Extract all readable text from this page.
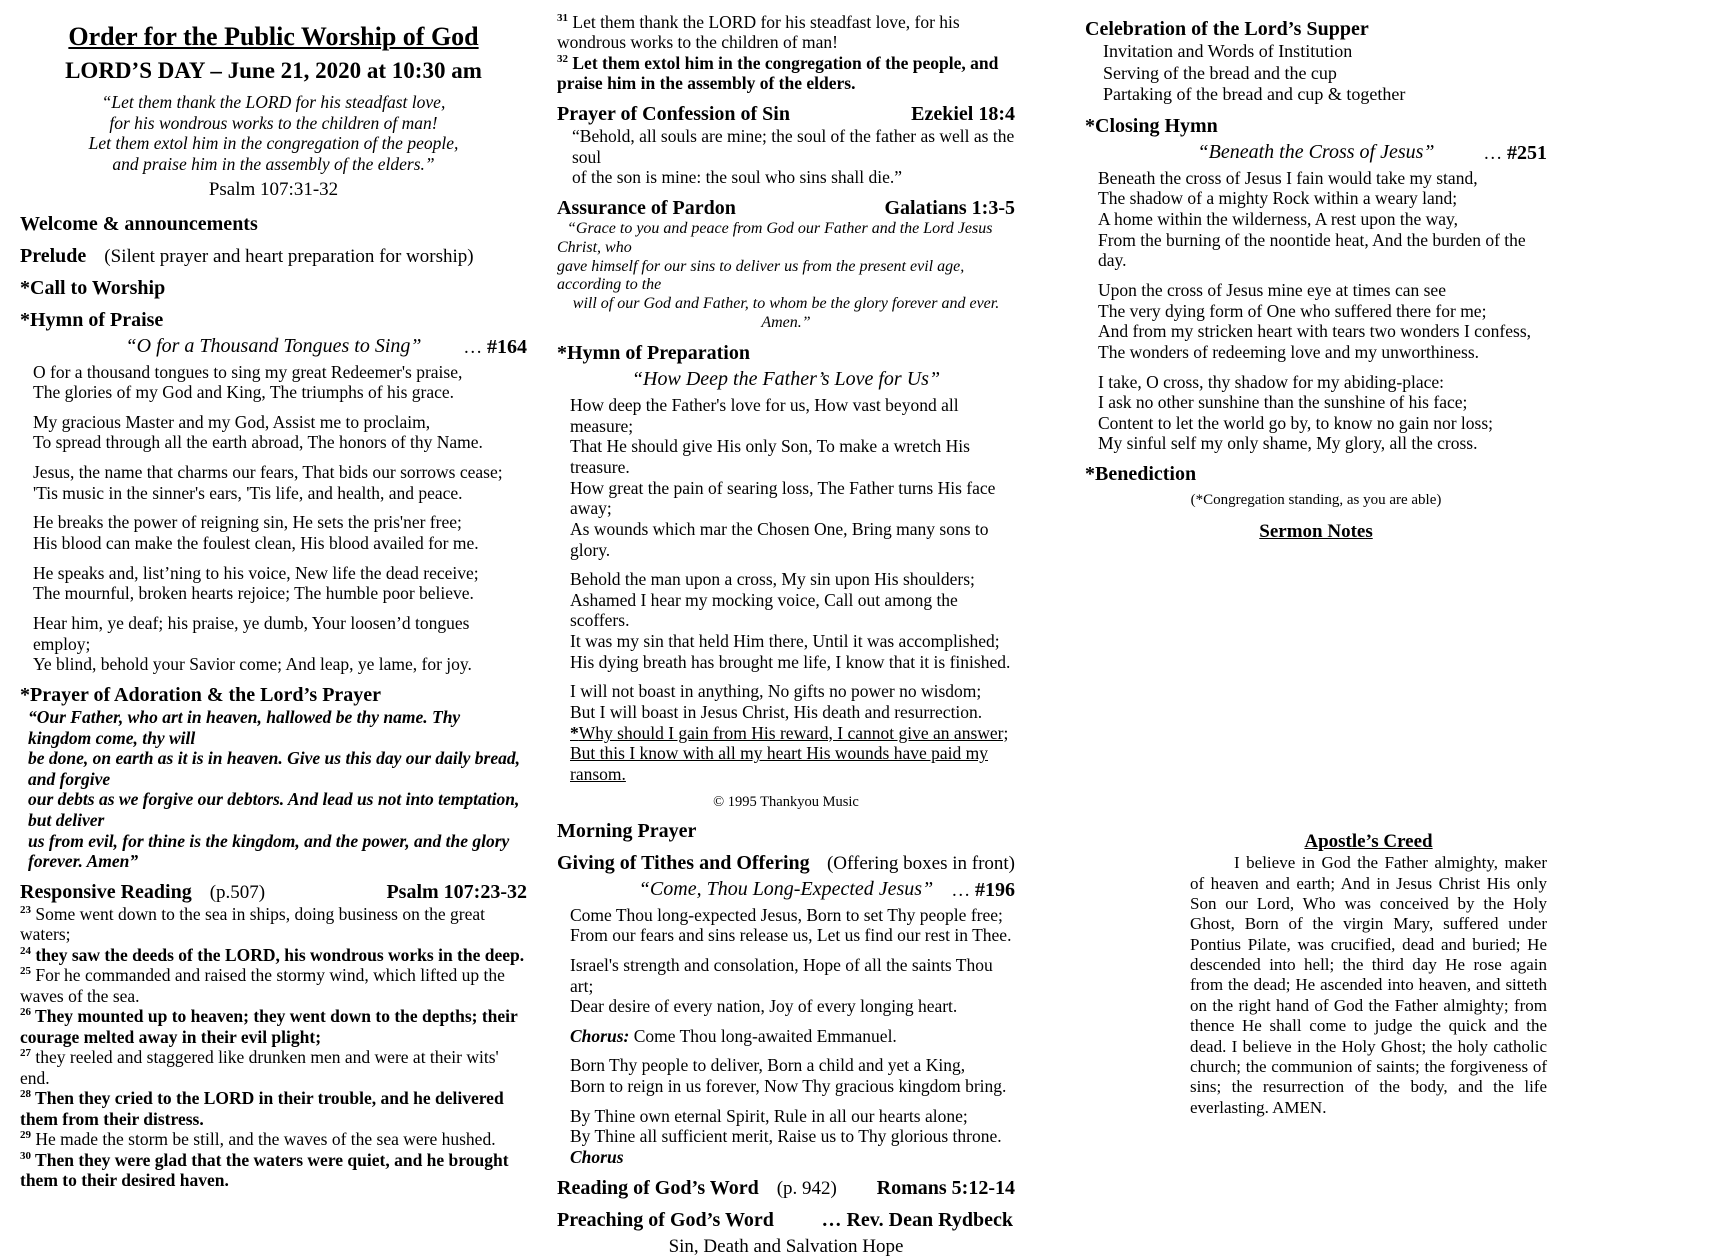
Order for the Public Worship of God
LORD’S DAY – June 21, 2020 at 10:30 am
“Let them thank the LORD for his steadfast love,
for his wondrous works to the children of man!
Let them extol him in the congregation of the people,
and praise him in the assembly of the elders.”
Psalm 107:31-32
Welcome & announcements
Prelude (Silent prayer and heart preparation for worship)
*Call to Worship
*Hymn of Praise
“O for a Thousand Tongues to Sing” … #164
O for a thousand tongues to sing my great Redeemer's praise,
The glories of my God and King, The triumphs of his grace.
My gracious Master and my God, Assist me to proclaim,
To spread through all the earth abroad, The honors of thy Name.
Jesus, the name that charms our fears, That bids our sorrows cease;
'Tis music in the sinner's ears, 'Tis life, and health, and peace.
He breaks the power of reigning sin, He sets the pris'ner free;
His blood can make the foulest clean, His blood availed for me.
He speaks and, list’ning to his voice, New life the dead receive;
The mournful, broken hearts rejoice; The humble poor believe.
Hear him, ye deaf; his praise, ye dumb, Your loosen’d tongues employ;
Ye blind, behold your Savior come; And leap, ye lame, for joy.
*Prayer of Adoration & the Lord’s Prayer
“Our Father, who art in heaven, hallowed be thy name. Thy kingdom come, thy will
be done, on earth as it is in heaven. Give us this day our daily bread, and forgive
our debts as we forgive our debtors. And lead us not into temptation, but deliver
us from evil, for thine is the kingdom, and the power, and the glory forever. Amen”
Responsive Reading (p.507)	Psalm 107:23-32
$^{23}$ Some went down to the sea in ships, doing business on the great waters;
$^{24}$ they saw the deeds of the LORD, his wondrous works in the deep.
$^{25}$ For he commanded and raised the stormy wind, which lifted up the waves of the sea.
$^{26}$ They mounted up to heaven; they went down to the depths; their courage melted away in their evil plight;
$^{27}$ they reeled and staggered like drunken men and were at their wits' end.
$^{28}$ Then they cried to the LORD in their trouble, and he delivered them from their distress.
$^{29}$ He made the storm be still, and the waves of the sea were hushed.
$^{30}$ Then they were glad that the waters were quiet, and he brought them to their desired haven.
$^{31}$ Let them thank the LORD for his steadfast love, for his wondrous works to the children of man!
$^{32}$ Let them extol him in the congregation of the people, and praise him in the assembly of the elders.
Prayer of Confession of Sin	Ezekiel 18:4
“Behold, all souls are mine; the soul of the father as well as the soul
of the son is mine: the soul who sins shall die.”
Assurance of Pardon	Galatians 1:3-5
“Grace to you and peace from God our Father and the Lord Jesus Christ, who
gave himself for our sins to deliver us from the present evil age, according to the
will of our God and Father, to whom be the glory forever and ever. Amen.”
*Hymn of Preparation
“How Deep the Father’s Love for Us”
How deep the Father's love for us, How vast beyond all measure;
That He should give His only Son, To make a wretch His treasure.
How great the pain of searing loss, The Father turns His face away;
As wounds which mar the Chosen One, Bring many sons to glory.
Behold the man upon a cross, My sin upon His shoulders;
Ashamed I hear my mocking voice, Call out among the scoffers.
It was my sin that held Him there, Until it was accomplished;
His dying breath has brought me life, I know that it is finished.
I will not boast in anything, No gifts no power no wisdom;
But I will boast in Jesus Christ, His death and resurrection.
*Why should I gain from His reward, I cannot give an answer;
But this I know with all my heart His wounds have paid my ransom.
© 1995 Thankyou Music
Morning Prayer
Giving of Tithes and Offering (Offering boxes in front)
“Come, Thou Long-Expected Jesus” … #196
Come Thou long-expected Jesus, Born to set Thy people free;
From our fears and sins release us, Let us find our rest in Thee.
Israel's strength and consolation, Hope of all the saints Thou art;
Dear desire of every nation, Joy of every longing heart.
Chorus: Come Thou long-awaited Emmanuel.
Born Thy people to deliver, Born a child and yet a King,
Born to reign in us forever, Now Thy gracious kingdom bring.
By Thine own eternal Spirit, Rule in all our hearts alone;
By Thine all sufficient merit, Raise us to Thy glorious throne. Chorus
Reading of God’s Word (p. 942) Romans 5:12-14
Preaching of God’s Word … Rev. Dean Rydbeck
Sin, Death and Salvation Hope
Celebration of the Lord’s Supper
Invitation and Words of Institution
Serving of the bread and the cup
Partaking of the bread and cup & together
*Closing Hymn
“Beneath the Cross of Jesus”	… #251
Beneath the cross of Jesus I fain would take my stand,
The shadow of a mighty Rock within a weary land;
A home within the wilderness, A rest upon the way,
From the burning of the noontide heat, And the burden of the day.
Upon the cross of Jesus mine eye at times can see
The very dying form of One who suffered there for me;
And from my stricken heart with tears two wonders I confess,
The wonders of redeeming love and my unworthiness.
I take, O cross, thy shadow for my abiding-place:
I ask no other sunshine than the sunshine of his face;
Content to let the world go by, to know no gain nor loss;
My sinful self my only shame, My glory, all the cross.
*Benediction
(*Congregation standing, as you are able)
Sermon Notes
Apostle’s Creed
I believe in God the Father almighty, maker of heaven and earth; And in Jesus Christ His only Son our Lord, Who was conceived by the Holy Ghost, Born of the virgin Mary, suffered under Pontius Pilate, was crucified, dead and buried; He descended into hell; the third day He rose again from the dead; He ascended into heaven, and sitteth on the right hand of God the Father almighty; from thence He shall come to judge the quick and the dead. I believe in the Holy Ghost; the holy catholic church; the communion of saints; the forgiveness of sins; the resurrection of the body, and the life everlasting. AMEN.
